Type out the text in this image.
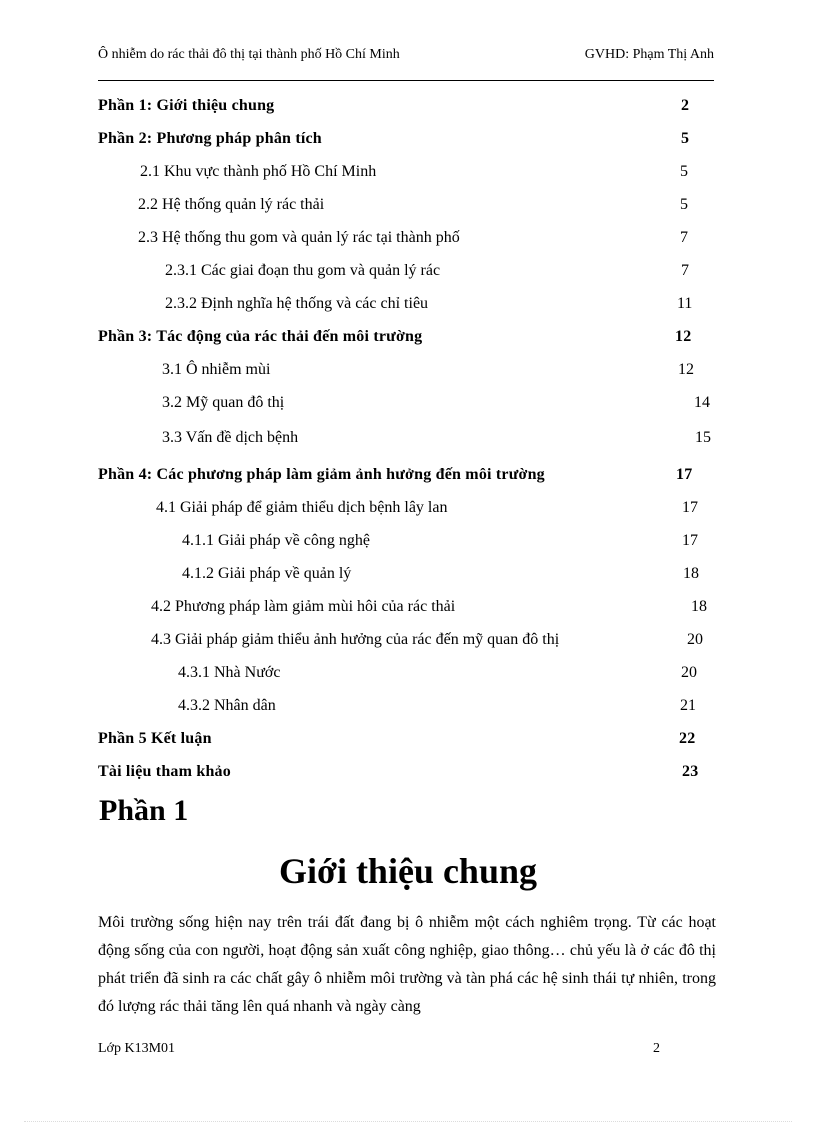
Ô nhiễm do rác thải đô thị tại thành phố Hồ Chí Minh	GVHD: Phạm Thị Anh
Phần 1: Giới thiệu chung	2
Phần 2: Phương pháp phân tích	5
2.1 Khu vực thành phố Hồ Chí Minh	5
2.2 Hệ thống quản lý rác thải	5
2.3 Hệ thống thu gom và quản lý rác tại thành phố	7
2.3.1 Các giai đoạn thu gom và quản lý rác	7
2.3.2 Định nghĩa hệ thống và các chỉ tiêu	11
Phần 3: Tác động của rác thải đến môi trường	12
3.1 Ô nhiễm mùi	12
3.2 Mỹ quan đô thị	14
3.3 Vấn đề dịch bệnh	15
Phần 4: Các phương pháp làm giảm ảnh hưởng đến môi trường	17
4.1 Giải pháp để giảm thiểu dịch bệnh lây lan	17
4.1.1 Giải pháp về công nghệ	17
4.1.2 Giải pháp về quản lý	18
4.2 Phương pháp làm giảm mùi hôi của rác thải	18
4.3 Giải pháp giảm thiểu ảnh hưởng của rác đến mỹ quan đô thị	20
4.3.1 Nhà Nước	20
4.3.2 Nhân dân	21
Phần 5 Kết luận	22
Tài liệu tham khảo	23
Phần 1
Giới thiệu chung

Môi trường sống hiện nay trên trái đất đang bị ô nhiễm một cách nghiêm trọng. Từ các hoạt động sống của con người, hoạt động sản xuất công nghiệp, giao thông… chủ yếu là ở các đô thị phát triển đã sinh ra các chất gây ô nhiễm môi trường và tàn phá các hệ sinh thái tự nhiên, trong đó lượng rác thải tăng lên quá nhanh và ngày càng

Lớp K13M01	2
